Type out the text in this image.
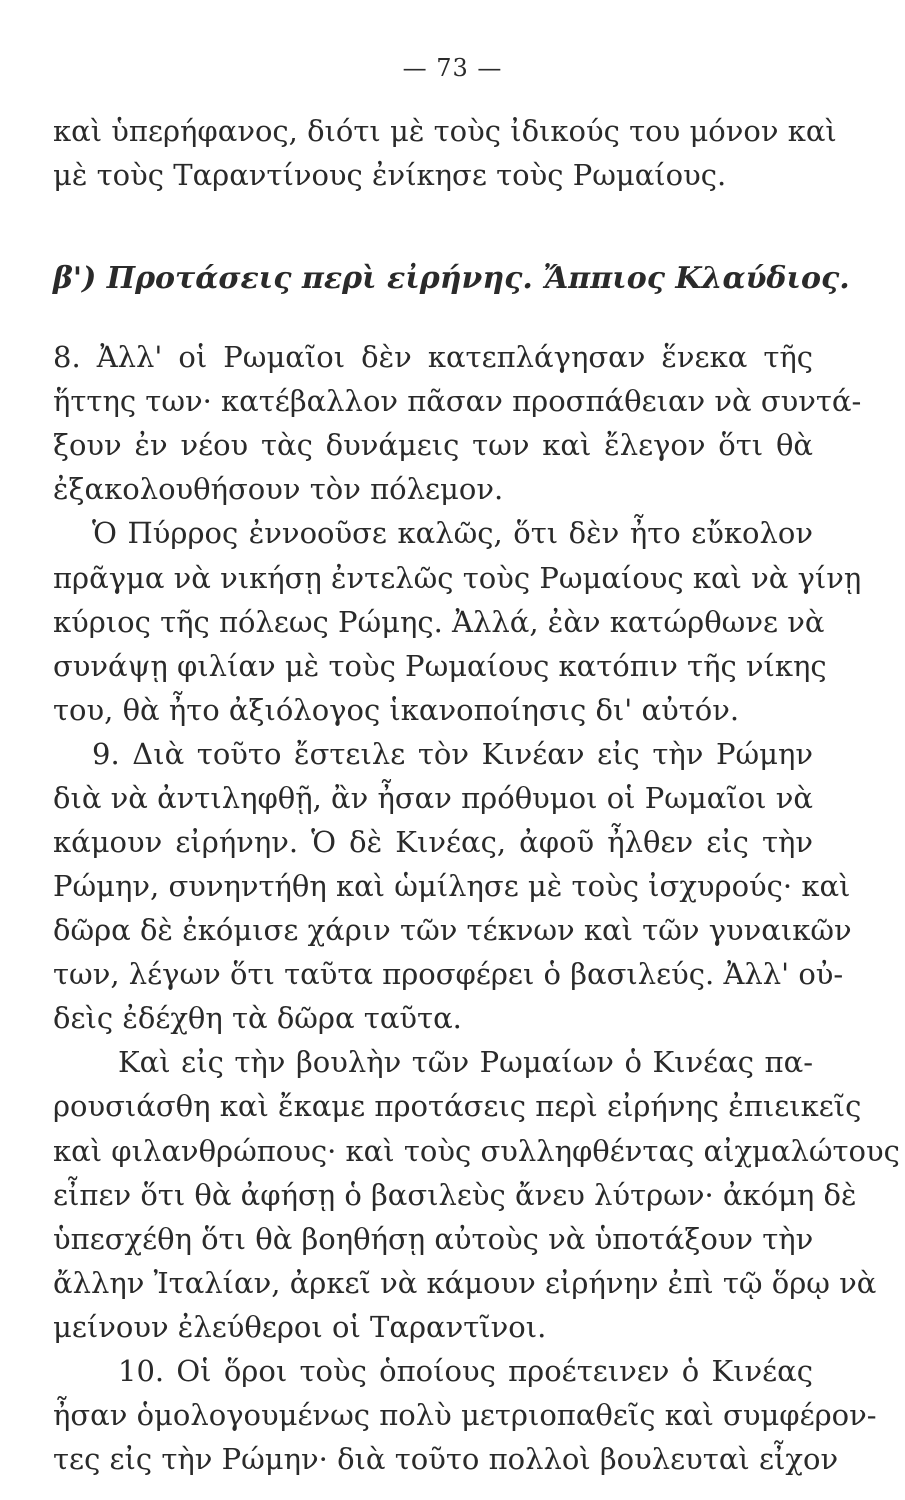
— 73 —
καὶ ὑπερήφανος, διότι μὲ τοὺς ἰδικούς του μόνον καὶ
μὲ τοὺς Ταραντίνους ἐνίκησε τοὺς Ρωμαίους.
β') Προτάσεις περὶ εἰρήνης. Ἄππιος Κλαύδιος.
8. Ἀλλ' οἱ Ρωμαῖοι δὲν κατεπλάγησαν ἕνεκα τῆς
ἥττης των· κατέβαλλον πᾶσαν προσπάθειαν νὰ συντά-
ξουν ἐν νέου τὰς δυνάμεις των καὶ ἔλεγον ὅτι θὰ
ἐξακολουθήσουν τὸν πόλεμον.
Ὁ Πύρρος ἐννοοῦσε καλῶς, ὅτι δὲν ἦτο εὔκολον
πρᾶγμα νὰ νικήσῃ ἐντελῶς τοὺς Ρωμαίους καὶ νὰ γίνῃ
κύριος τῆς πόλεως Ρώμης. Ἀλλά, ἐὰν κατώρθωνε νὰ
συνάψῃ φιλίαν μὲ τοὺς Ρωμαίους κατόπιν τῆς νίκης
του, θὰ ἦτο ἀξιόλογος ἱκανοποίησις δι' αὐτόν.
9. Διὰ τοῦτο ἔστειλε τὸν Κινέαν εἰς τὴν Ρώμην
διὰ νὰ ἀντιληφθῇ, ἂν ἦσαν πρόθυμοι οἱ Ρωμαῖοι νὰ
κάμουν εἰρήνην. Ὁ δὲ Κινέας, ἀφοῦ ἦλθεν εἰς τὴν
Ρώμην, συνηντήθη καὶ ὡμίλησε μὲ τοὺς ἰσχυρούς· καὶ
δῶρα δὲ ἐκόμισε χάριν τῶν τέκνων καὶ τῶν γυναικῶν
των, λέγων ὅτι ταῦτα προσφέρει ὁ βασιλεύς. Ἀλλ' οὐ-
δεὶς ἐδέχθη τὰ δῶρα ταῦτα.
Καὶ εἰς τὴν βουλὴν τῶν Ρωμαίων ὁ Κινέας πα-
ρουσιάσθη καὶ ἔκαμε προτάσεις περὶ εἰρήνης ἐπιεικεῖς
καὶ φιλανθρώπους· καὶ τοὺς συλληφθέντας αἰχμαλώτους
εἶπεν ὅτι θὰ ἀφήσῃ ὁ βασιλεὺς ἄνευ λύτρων· ἀκόμη δὲ
ὑπεσχέθη ὅτι θὰ βοηθήσῃ αὐτοὺς νὰ ὑποτάξουν τὴν
ἄλλην Ἰταλίαν, ἀρκεῖ νὰ κάμουν εἰρήνην ἐπὶ τῷ ὅρῳ νὰ
μείνουν ἐλεύθεροι οἱ Ταραντῖνοι.
10. Οἱ ὅροι τοὺς ὁποίους προέτεινεν ὁ Κινέας
ἦσαν ὁμολογουμένως πολὺ μετριοπαθεῖς καὶ συμφέρον-
τες εἰς τὴν Ρώμην· διὰ τοῦτο πολλοὶ βουλευταὶ εἶχον
